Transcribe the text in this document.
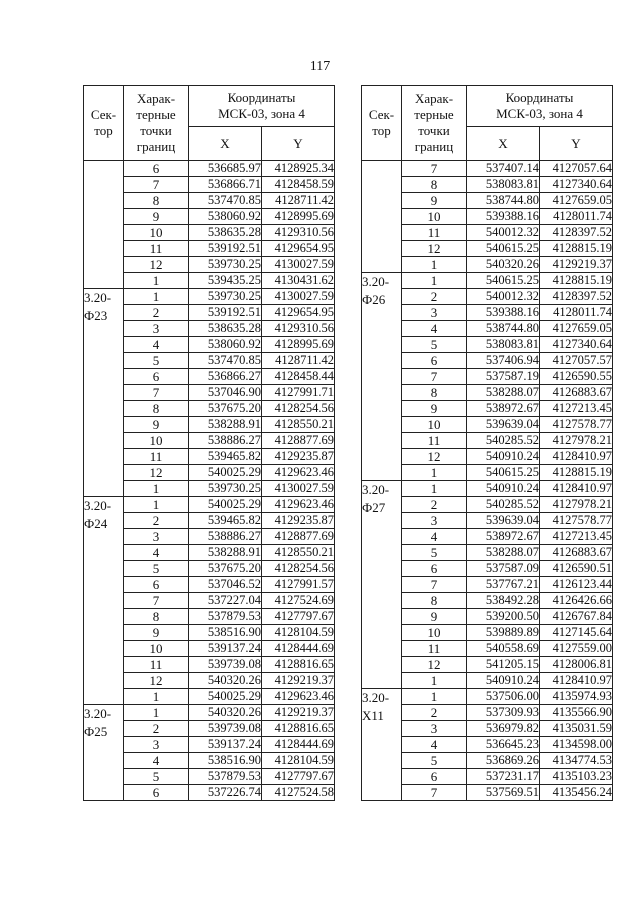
117
Сек-
тор	Харак-
терные
точки
границ	Координаты
МСК-03, зона 4	
		X	Y
	6	536685.97	4128925.34
	7	536866.71	4128458.59
	8	537470.85	4128711.42
	9	538060.92	4128995.69
	10	538635.28	4129310.56
	11	539192.51	4129654.95
	12	539730.25	4130027.59
	1	539435.25	4130431.62
3.20-
Ф23	1	539730.25	4130027.59
	2	539192.51	4129654.95
	3	538635.28	4129310.56
	4	538060.92	4128995.69
	5	537470.85	4128711.42
	6	536866.27	4128458.44
	7	537046.90	4127991.71
	8	537675.20	4128254.56
	9	538288.91	4128550.21
	10	538886.27	4128877.69
	11	539465.82	4129235.87
	12	540025.29	4129623.46
	1	539730.25	4130027.59
3.20-
Ф24	1	540025.29	4129623.46
	2	539465.82	4129235.87
	3	538886.27	4128877.69
	4	538288.91	4128550.21
	5	537675.20	4128254.56
	6	537046.52	4127991.57
	7	537227.04	4127524.69
	8	537879.53	4127797.67
	9	538516.90	4128104.59
	10	539137.24	4128444.69
	11	539739.08	4128816.65
	12	540320.26	4129219.37
	1	540025.29	4129623.46
3.20-
Ф25	1	540320.26	4129219.37
	2	539739.08	4128816.65
	3	539137.24	4128444.69
	4	538516.90	4128104.59
	5	537879.53	4127797.67
	6	537226.74	4127524.58
Сек-
тор	Харак-
терные
точки
границ	Координаты
МСК-03, зона 4	
		X	Y
	7	537407.14	4127057.64
	8	538083.81	4127340.64
	9	538744.80	4127659.05
	10	539388.16	4128011.74
	11	540012.32	4128397.52
	12	540615.25	4128815.19
	1	540320.26	4129219.37
3.20-
Ф26	1	540615.25	4128815.19
	2	540012.32	4128397.52
	3	539388.16	4128011.74
	4	538744.80	4127659.05
	5	538083.81	4127340.64
	6	537406.94	4127057.57
	7	537587.19	4126590.55
	8	538288.07	4126883.67
	9	538972.67	4127213.45
	10	539639.04	4127578.77
	11	540285.52	4127978.21
	12	540910.24	4128410.97
	1	540615.25	4128815.19
3.20-
Ф27	1	540910.24	4128410.97
	2	540285.52	4127978.21
	3	539639.04	4127578.77
	4	538972.67	4127213.45
	5	538288.07	4126883.67
	6	537587.09	4126590.51
	7	537767.21	4126123.44
	8	538492.28	4126426.66
	9	539200.50	4126767.84
	10	539889.89	4127145.64
	11	540558.69	4127559.00
	12	541205.15	4128006.81
	1	540910.24	4128410.97
3.20-
Х11	1	537506.00	4135974.93
	2	537309.93	4135566.90
	3	536979.82	4135031.59
	4	536645.23	4134598.00
	5	536869.26	4134774.53
	6	537231.17	4135103.23
	7	537569.51	4135456.24
